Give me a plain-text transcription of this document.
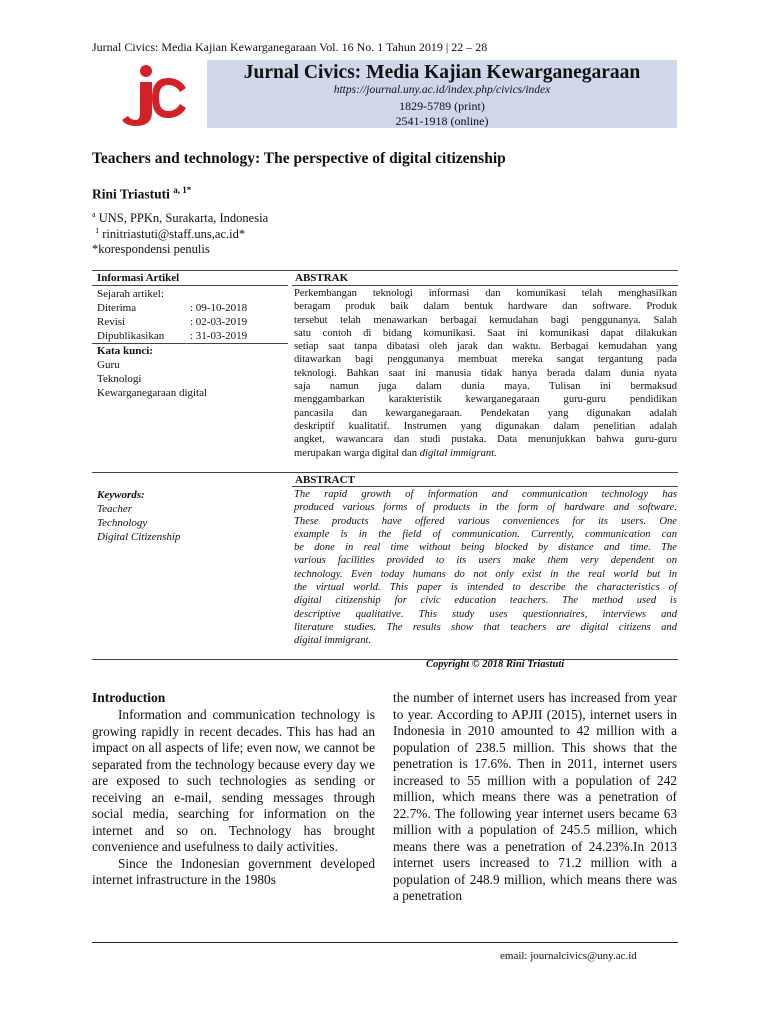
Jurnal Civics: Media Kajian Kewarganegaraan Vol. 16 No. 1 Tahun 2019 | 22 – 28
Jurnal Civics: Media Kajian Kewarganegaraan
https://journal.uny.ac.id/index.php/civics/index
1829-5789 (print)
2541-1918 (online)
Teachers and technology: The perspective of digital citizenship
Rini Triastuti $^{a, 1*}$
$^a$ UNS, PPKn, Surakarta, Indonesia
$^1$ rinitriastuti@staff.uns,ac.id*
*korespondensi penulis
Informasi Artikel
Sejarah artikel:
Diterima	: 09-10-2018
Revisi	: 02-03-2019
Dipublikasikan : 31-03-2019
Kata kunci:
Guru
Teknologi
Kewarganegaraan digital
Keywords:
Teacher
Technology
Digital Citizenship
ABSTRAK
Perkembangan teknologi informasi dan komunikasi telah menghasilkan
beragam produk baik dalam bentuk hardware dan software. Produk
tersebut telah menawarkan berbagai kemudahan bagi penggunanya. Salah
satu contoh di bidang komunikasi. Saat ini komunikasi dapat dilakukan
setiap saat tanpa dibatasi oleh jarak dan waktu. Berbagai kemudahan yang
ditawarkan bagi penggunanya membuat mereka sangat tergantung pada
teknologi. Bahkan saat ini manusia tidak hanya berada dalam dunia nyata
saja namun juga dalam dunia maya. Tulisan ini bermaksud
menggambarkan karakteristik kewarganegaraan guru-guru pendidikan
pancasila dan kewarganegaraan. Pendekatan yang digunakan adalah
deskriptif kualitatif. Instrumen yang digunakan dalam penelitian adalah
angket, wawancara dan studi pustaka. Data menunjukkan bahwa guru-guru
merupakan warga digital dan digital immigrant.
ABSTRACT
The rapid growth of information and communication technology has
produced various forms of products in the form of hardware and software.
These products have offered various conveniences for its users. One
example is in the field of communication. Currently, communication can
be done in real time without being blocked by distance and time. The
various facilities provided to its users make them very dependent on
technology. Even today humans do not only exist in the real world but in
the virtual world. This paper is intended to describe the characteristics of
digital citizenship for civic education teachers. The method used is
descriptive qualitative. This study uses questionnaires, interviews and
literature studies. The results show that teachers are digital citizens and
digital immigrant.
Copyright © 2018 Rini Triastuti
Introduction

Information and communication technology is growing rapidly in recent decades. This has had an impact on all aspects of life; even now, we cannot be separated from the technology because every day we are exposed to such technologies as sending or receiving an e-mail, sending messages through social media, searching for information on the internet and so on. Technology has brought convenience and usefulness to daily activities.

Since the Indonesian government developed internet infrastructure in the 1980s

the number of internet users has increased from year to year. According to APJII (2015), internet users in Indonesia in 2010 amounted to 42 million with a population of 238.5 million. This shows that the penetration is 17.6%. Then in 2011, internet users increased to 55 million with a population of 242 million, which means there was a penetration of 22.7%. The following year internet users became 63 million with a population of 245.5 million, which means there was a penetration of 24.23%.In 2013 internet users increased to 71.2 million with a population of 248.9 million, which means there was a penetration

email: journalcivics@uny.ac.id
